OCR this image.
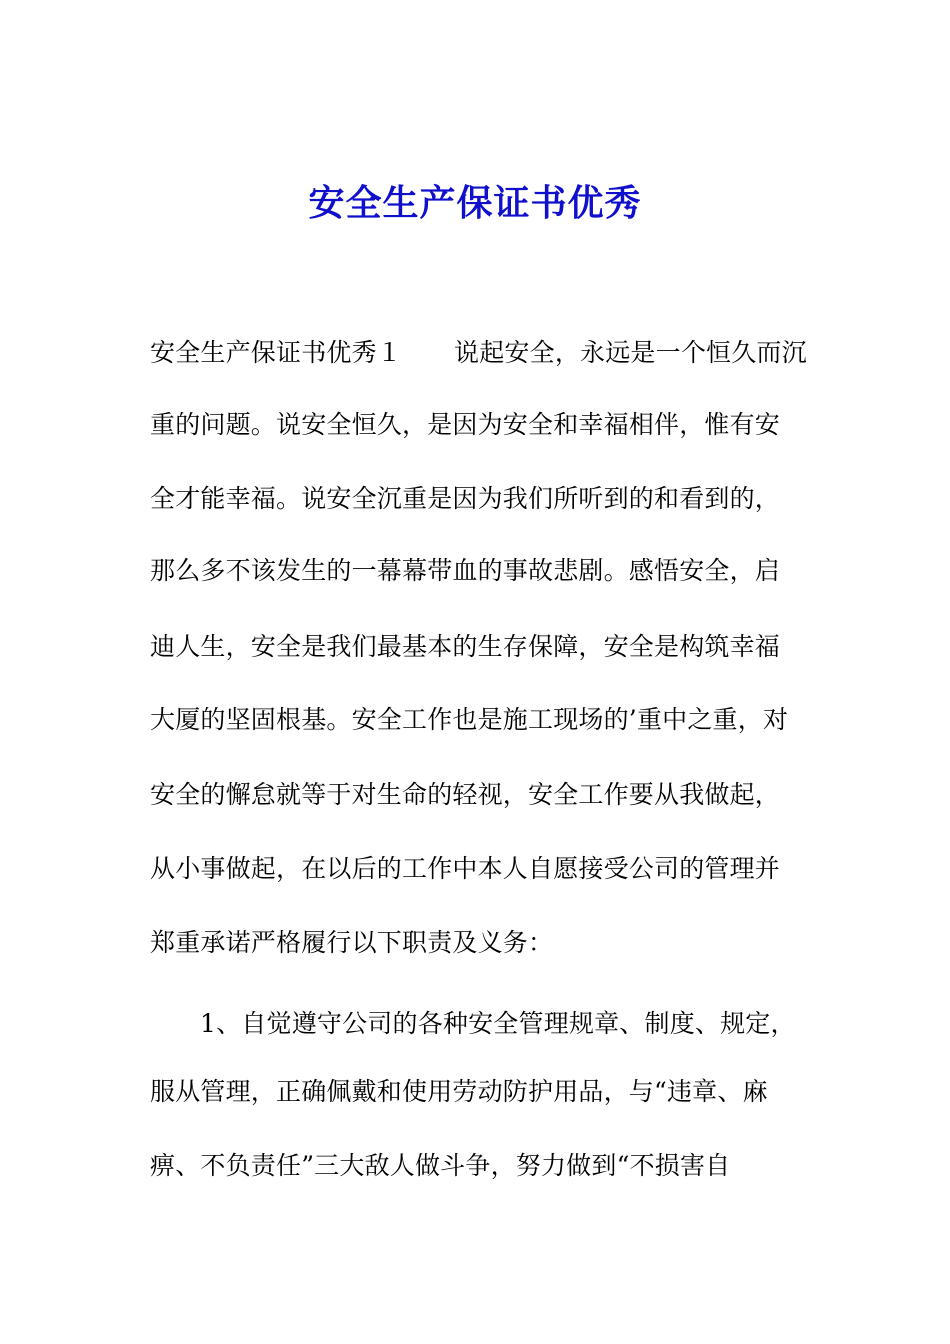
安全生产保证书优秀
安全生产保证书优秀１ 说起安全，永远是一个恒久而沉
重的问题。说安全恒久，是因为安全和幸福相伴，惟有安
全才能幸福。说安全沉重是因为我们所听到的和看到的，
那么多不该发生的一幕幕带血的事故悲剧。感悟安全，启
迪人生，安全是我们最基本的生存保障，安全是构筑幸福
大厦的坚固根基。安全工作也是施工现场的’重中之重，对
安全的懈怠就等于对生命的轻视，安全工作要从我做起，
从小事做起，在以后的工作中本人自愿接受公司的管理并
郑重承诺严格履行以下职责及义务：
1、自觉遵守公司的各种安全管理规章、制度、规定，
服从管理，正确佩戴和使用劳动防护用品，与“违章、麻
痹、不负责任”三大敌人做斗争，努力做到“不损害自
